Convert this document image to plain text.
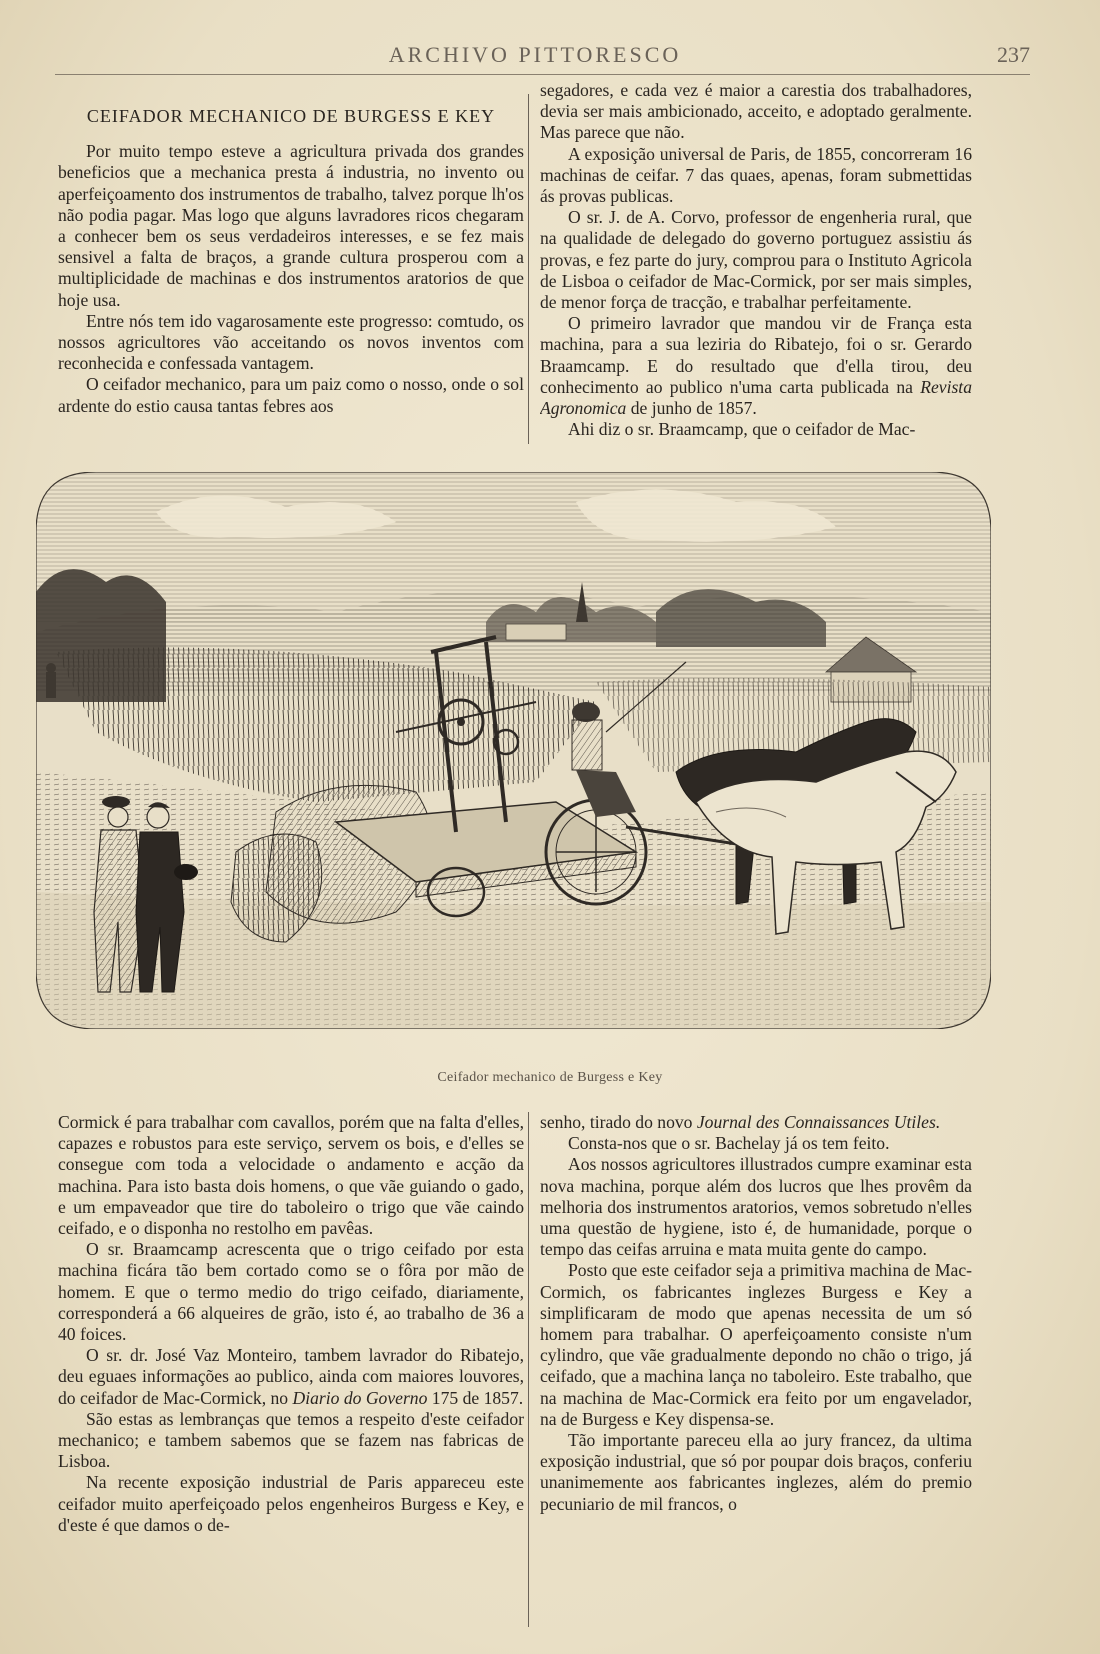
ARCHIVO PITTORESCO	237

CEIFADOR MECHANICO DE BURGESS E KEY

Por muito tempo esteve a agricultura privada dos grandes beneficios que a mechanica presta á industria, no invento ou aperfeiçoamento dos instrumentos de trabalho, talvez porque lh'os não podia pagar. Mas logo que alguns lavradores ricos chegaram a conhecer bem os seus verdadeiros interesses, e se fez mais sensivel a falta de braços, a grande cultura prosperou com a multiplicidade de machinas e dos instrumentos aratorios de que hoje usa.

Entre nós tem ido vagarosamente este progresso: comtudo, os nossos agricultores vão acceitando os novos inventos com reconhecida e confessada vantagem.

O ceifador mechanico, para um paiz como o nosso, onde o sol ardente do estio causa tantas febres aos

segadores, e cada vez é maior a carestia dos trabalhadores, devia ser mais ambicionado, acceito, e adoptado geralmente. Mas parece que não.

A exposição universal de Paris, de 1855, concorreram 16 machinas de ceifar. 7 das quaes, apenas, foram submettidas ás provas publicas.

O sr. J. de A. Corvo, professor de engenheria rural, que na qualidade de delegado do governo portuguez assistiu ás provas, e fez parte do jury, comprou para o Instituto Agricola de Lisboa o ceifador de Mac-Cormick, por ser mais simples, de menor força de tracção, e trabalhar perfeitamente.

O primeiro lavrador que mandou vir de França esta machina, para a sua leziria do Ribatejo, foi o sr. Gerardo Braamcamp. E do resultado que d'ella tirou, deu conhecimento ao publico n'uma carta publicada na Revista Agronomica de junho de 1857.

Ahi diz o sr. Braamcamp, que o ceifador de Mac-

Ceifador mechanico de Burgess e Key

Cormick é para trabalhar com cavallos, porém que na falta d'elles, capazes e robustos para este serviço, servem os bois, e d'elles se consegue com toda a velocidade o andamento e acção da machina. Para isto basta dois homens, o que vãe guiando o gado, e um empaveador que tire do taboleiro o trigo que vãe caindo ceifado, e o disponha no restolho em pavêas.

O sr. Braamcamp acrescenta que o trigo ceifado por esta machina ficára tão bem cortado como se o fôra por mão de homem. E que o termo medio do trigo ceifado, diariamente, corresponderá a 66 alqueires de grão, isto é, ao trabalho de 36 a 40 foices.

O sr. dr. José Vaz Monteiro, tambem lavrador do Ribatejo, deu eguaes informações ao publico, ainda com maiores louvores, do ceifador de Mac-Cormick, no Diario do Governo 175 de 1857.

São estas as lembranças que temos a respeito d'este ceifador mechanico; e tambem sabemos que se fazem nas fabricas de Lisboa.

Na recente exposição industrial de Paris appareceu este ceifador muito aperfeiçoado pelos engenheiros Burgess e Key, e d'este é que damos o de-

senho, tirado do novo Journal des Connaissances Utiles.

Consta-nos que o sr. Bachelay já os tem feito.

Aos nossos agricultores illustrados cumpre examinar esta nova machina, porque além dos lucros que lhes provêm da melhoria dos instrumentos aratorios, vemos sobretudo n'elles uma questão de hygiene, isto é, de humanidade, porque o tempo das ceifas arruina e mata muita gente do campo.

Posto que este ceifador seja a primitiva machina de Mac-Cormich, os fabricantes inglezes Burgess e Key a simplificaram de modo que apenas necessita de um só homem para trabalhar. O aperfeiçoamento consiste n'um cylindro, que vãe gradualmente depondo no chão o trigo, já ceifado, que a machina lança no taboleiro. Este trabalho, que na machina de Mac-Cormick era feito por um engavelador, na de Burgess e Key dispensa-se.

Tão importante pareceu ella ao jury francez, da ultima exposição industrial, que só por poupar dois braços, conferiu unanimemente aos fabricantes inglezes, além do premio pecuniario de mil francos, o
